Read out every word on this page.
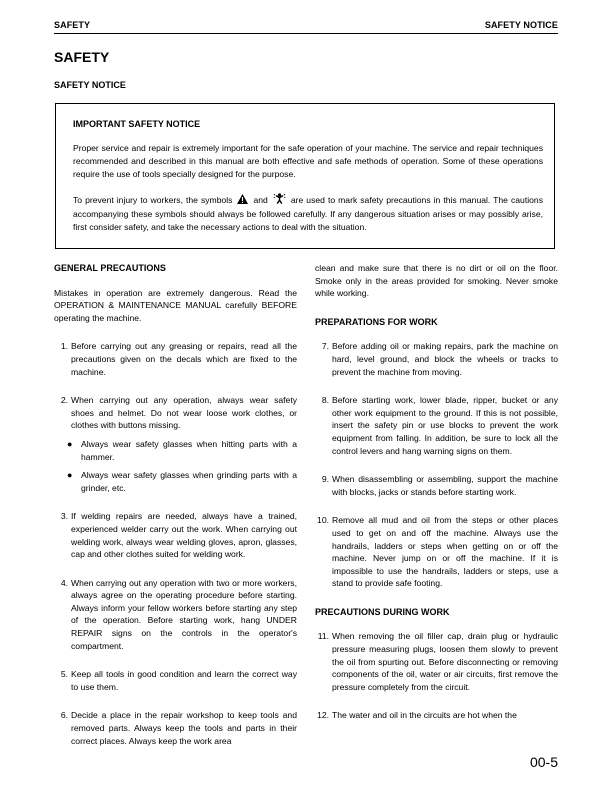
SAFETY	SAFETY NOTICE
SAFETY
SAFETY NOTICE
IMPORTANT SAFETY NOTICE

Proper service and repair is extremely important for the safe operation of your machine. The service and repair techniques recommended and described in this manual are both effective and safe methods of operation. Some of these operations require the use of tools specially designed for the purpose.

To prevent injury to workers, the symbols  and  are used to mark safety precautions in this manual. The cautions accompanying these symbols should always be followed carefully. If any dangerous situation arises or may possibly arise, first consider safety, and take the necessary actions to deal with the situation.

GENERAL PRECAUTIONS

Mistakes in operation are extremely dangerous. Read the OPERATION & MAINTENANCE MANUAL carefully BEFORE operating the machine.

1. Before carrying out any greasing or repairs, read all the precautions given on the decals which are fixed to the machine.
2. When carrying out any operation, always wear safety shoes and helmet. Do not wear loose work clothes, or clothes with buttons missing.
● Always wear safety glasses when hitting parts with a hammer.
● Always wear safety glasses when grinding parts with a grinder, etc.
3. If welding repairs are needed, always have a trained, experienced welder carry out the work. When carrying out welding work, always wear welding gloves, apron, glasses, cap and other clothes suited for welding work.
4. When carrying out any operation with two or more workers, always agree on the operating procedure before starting. Always inform your fellow workers before starting any step of the operation. Before starting work, hang UNDER REPAIR signs on the controls in the operator's compartment.
5. Keep all tools in good condition and learn the correct way to use them.
6. Decide a place in the repair workshop to keep tools and removed parts. Always keep the tools and parts in their correct places. Always keep the work area

clean and make sure that there is no dirt or oil on the floor. Smoke only in the areas provided for smoking. Never smoke while working.

PREPARATIONS FOR WORK
7. Before adding oil or making repairs, park the machine on hard, level ground, and block the wheels or tracks to prevent the machine from moving.
8. Before starting work, lower blade, ripper, bucket or any other work equipment to the ground. If this is not possible, insert the safety pin or use blocks to prevent the work equipment from falling. In addition, be sure to lock all the control levers and hang warning signs on them.
9. When disassembling or assembling, support the machine with blocks, jacks or stands before starting work.
10. Remove all mud and oil from the steps or other places used to get on and off the machine. Always use the handrails, ladders or steps when getting on or off the machine. Never jump on or off the machine. If it is impossible to use the handrails, ladders or steps, use a stand to provide safe footing.
PRECAUTIONS DURING WORK
11. When removing the oil filler cap, drain plug or hydraulic pressure measuring plugs, loosen them slowly to prevent the oil from spurting out. Before disconnecting or removing components of the oil, water or air circuits, first remove the pressure completely from the circuit.
12. The water and oil in the circuits are hot when the
00-5
